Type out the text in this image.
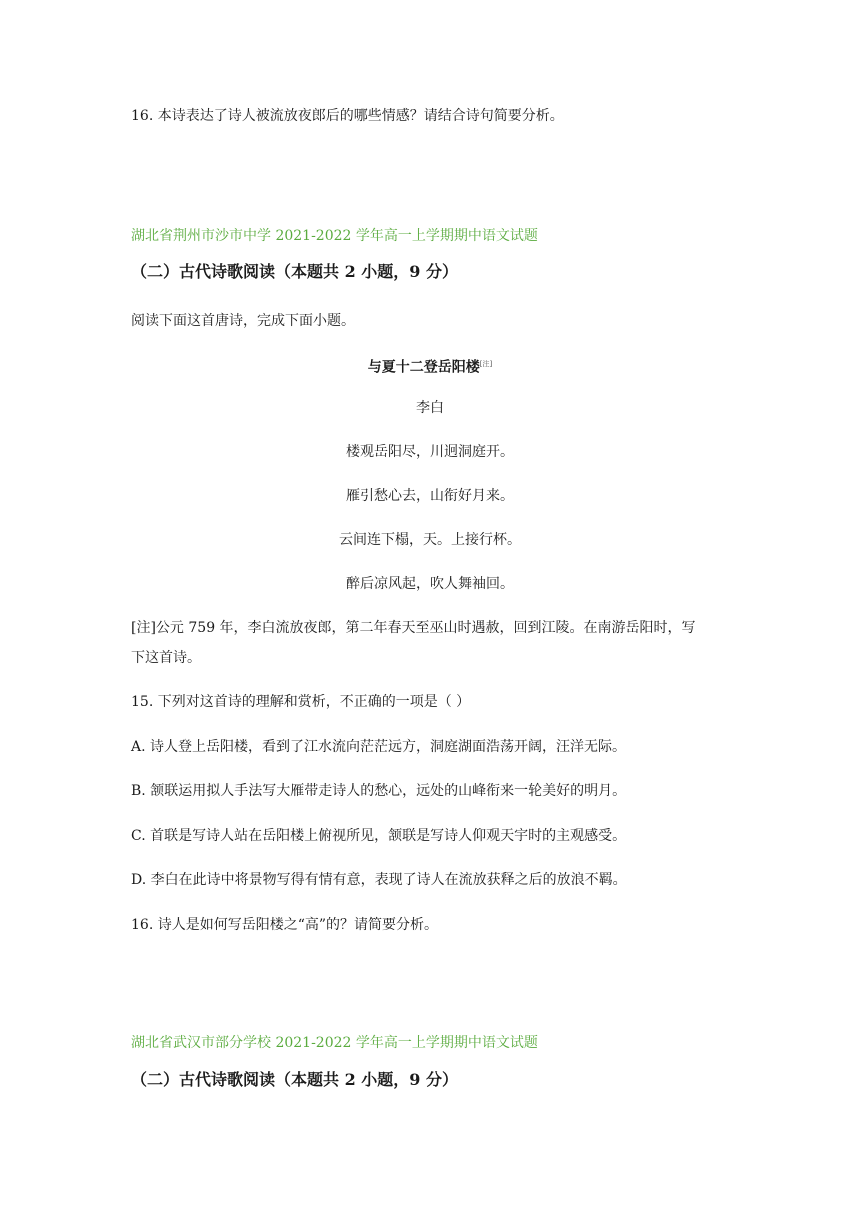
16. 本诗表达了诗人被流放夜郎后的哪些情感？请结合诗句简要分析。
湖北省荆州市沙市中学 2021-2022 学年高一上学期期中语文试题
（二）古代诗歌阅读（本题共 2 小题，9 分）
阅读下面这首唐诗，完成下面小题。
与夏十二登岳阳楼[注]
李白
楼观岳阳尽，川迥洞庭开。
雁引愁心去，山衔好月来。
云间连下榻，天。上接行杯。
醉后凉风起，吹人舞袖回。
[注]公元 759 年，李白流放夜郎，第二年春天至巫山时遇赦，回到江陵。在南游岳阳时，写
下这首诗。
15. 下列对这首诗的理解和赏析，不正确的一项是（ ）
A. 诗人登上岳阳楼，看到了江水流向茫茫远方，洞庭湖面浩荡开阔，汪洋无际。
B. 颔联运用拟人手法写大雁带走诗人的愁心，远处的山峰衔来一轮美好的明月。
C. 首联是写诗人站在岳阳楼上俯视所见，颔联是写诗人仰观天宇时的主观感受。
D. 李白在此诗中将景物写得有情有意，表现了诗人在流放获释之后的放浪不羁。
16. 诗人是如何写岳阳楼之“高”的？请简要分析。
湖北省武汉市部分学校 2021-2022 学年高一上学期期中语文试题
（二）古代诗歌阅读（本题共 2 小题，9 分）
